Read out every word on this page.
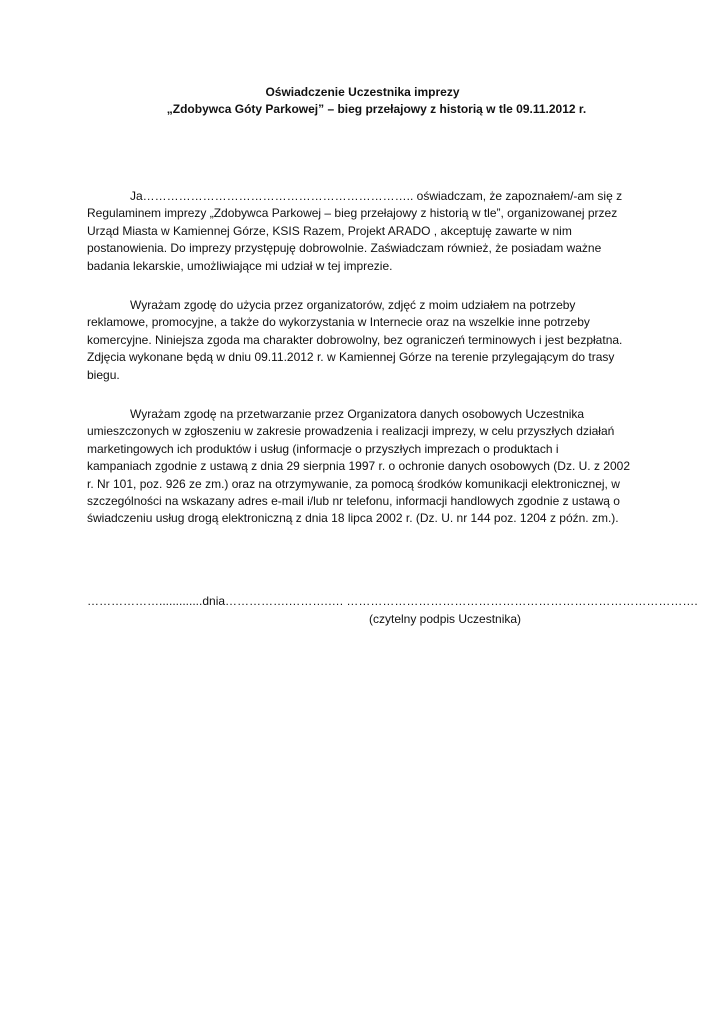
Oświadczenie Uczestnika imprezy
„Zdobywca Góty Parkowej” – bieg przełajowy z historią w tle 09.11.2012 r.
Ja………………………………………………………….. oświadczam, że zapoznałem/-am się z
Regulaminem imprezy „Zdobywca Parkowej – bieg przełajowy z historią w tle”, organizowanej przez
Urząd Miasta w Kamiennej Górze, KSIS Razem, Projekt ARADO , akceptuję zawarte w nim
postanowienia. Do imprezy przystępuję dobrowolnie. Zaświadczam również, że posiadam ważne
badania lekarskie, umożliwiające mi udział w tej imprezie.
Wyrażam zgodę do użycia przez organizatorów, zdjęć z moim udziałem na potrzeby
reklamowe, promocyjne, a także do wykorzystania w Internecie oraz na wszelkie inne potrzeby
komercyjne. Niniejsza zgoda ma charakter dobrowolny, bez ograniczeń terminowych i jest bezpłatna.
Zdjęcia wykonane będą w dniu 09.11.2012 r. w Kamiennej Górze na terenie przylegającym do trasy
biegu.
Wyrażam zgodę na przetwarzanie przez Organizatora danych osobowych Uczestnika
umieszczonych w zgłoszeniu w zakresie prowadzenia i realizacji imprezy, w celu przyszłych działań
marketingowych ich produktów i usług (informacje o przyszłych imprezach o produktach i
kampaniach zgodnie z ustawą z dnia 29 sierpnia 1997 r. o ochronie danych osobowych (Dz. U. z 2002
r. Nr 101, poz. 926 ze zm.) oraz na otrzymywanie, za pomocą środków komunikacji elektronicznej, w
szczególności na wskazany adres e-mail i/lub nr telefonu, informacji handlowych zgodnie z ustawą o
świadczeniu usług drogą elektroniczną z dnia 18 lipca 2002 r. (Dz. U. nr 144 poz. 1204 z późn. zm.).
……………….............dnia…………….……….…. …………………………………………………………………………….
(czytelny podpis Uczestnika)
